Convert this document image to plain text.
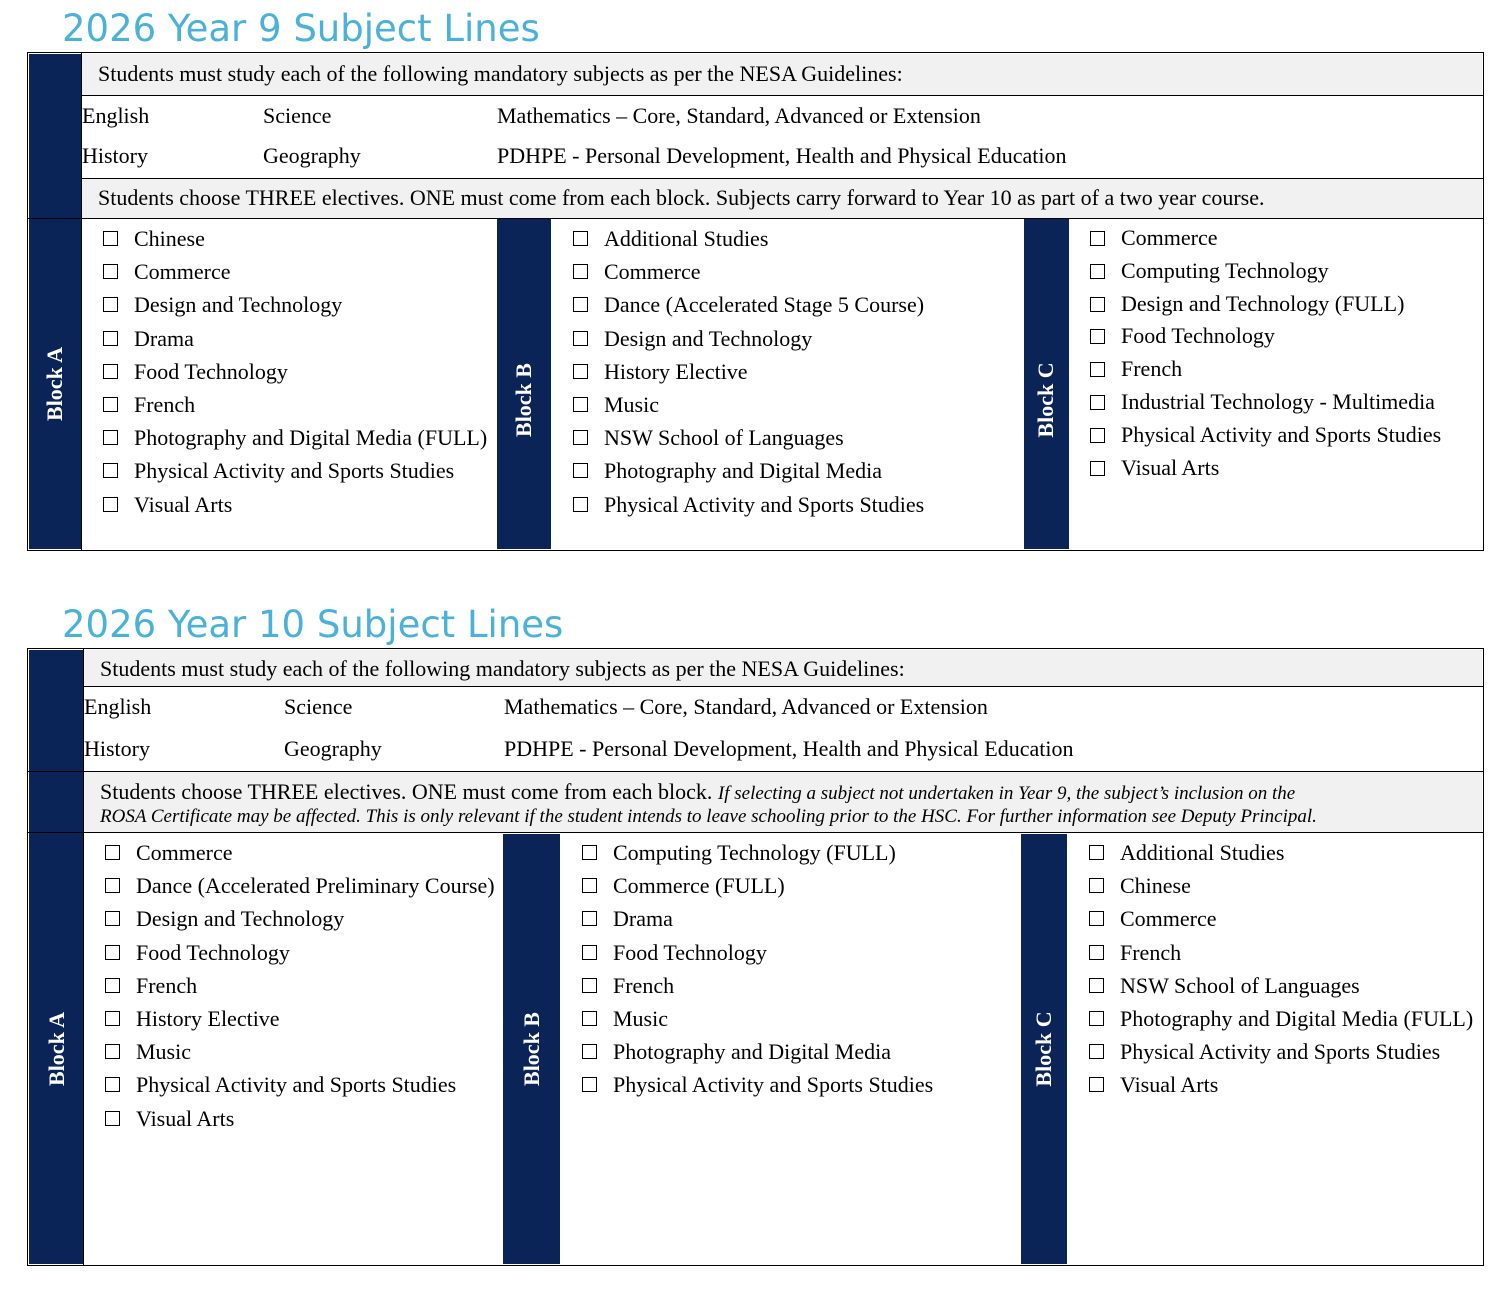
2026 Year 9 Subject Lines
Students must study each of the following mandatory subjects as per the NESA Guidelines:
English	Science	Mathematics – Core, Standard, Advanced or Extension
History	Geography	PDHPE - Personal Development, Health and Physical Education
Students choose THREE electives. ONE must come from each block. Subjects carry forward to Year 10 as part of a two year course.
Block A	Block B	Block C
Chinese
Commerce
Design and Technology
Drama
Food Technology
French
Photography and Digital Media (FULL)
Physical Activity and Sports Studies
Visual Arts
Additional Studies
Commerce
Dance (Accelerated Stage 5 Course)
Design and Technology
History Elective
Music
NSW School of Languages
Photography and Digital Media
Physical Activity and Sports Studies
Commerce
Computing Technology
Design and Technology (FULL)
Food Technology
French
Industrial Technology - Multimedia
Physical Activity and Sports Studies
Visual Arts
2026 Year 10 Subject Lines
Students must study each of the following mandatory subjects as per the NESA Guidelines:
English	Science	Mathematics – Core, Standard, Advanced or Extension
History	Geography	PDHPE - Personal Development, Health and Physical Education
Students choose THREE electives. ONE must come from each block. If selecting a subject not undertaken in Year 9, the subject’s inclusion on the
ROSA Certificate may be affected. This is only relevant if the student intends to leave schooling prior to the HSC. For further information see Deputy Principal.
Block A	Block B	Block C
Commerce
Dance (Accelerated Preliminary Course)
Design and Technology
Food Technology
French
History Elective
Music
Physical Activity and Sports Studies
Visual Arts
Computing Technology (FULL)
Commerce (FULL)
Drama
Food Technology
French
Music
Photography and Digital Media
Physical Activity and Sports Studies
Additional Studies
Chinese
Commerce
French
NSW School of Languages
Photography and Digital Media (FULL)
Physical Activity and Sports Studies
Visual Arts
